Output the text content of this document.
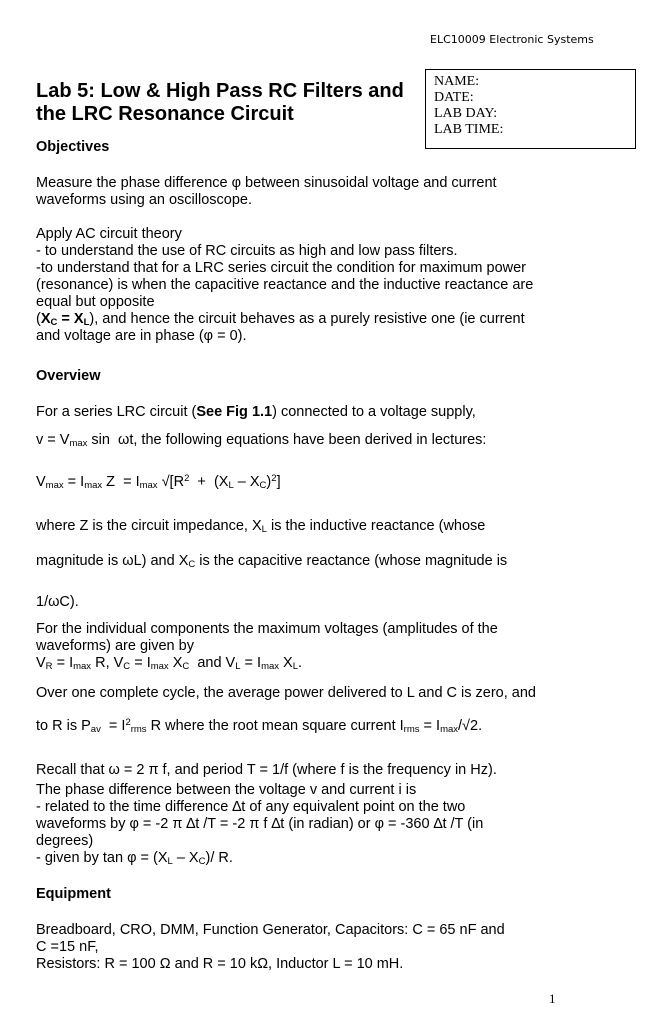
ELC10009 Electronic Systems
Lab 5: Low & High Pass RC Filters and
the LRC Resonance Circuit
NAME:
DATE:
LAB DAY:
LAB TIME:
Objectives
Measure the phase difference φ between sinusoidal voltage and current
waveforms using an oscilloscope.
Apply AC circuit theory
- to understand the use of RC circuits as high and low pass filters.
-to understand that for a LRC series circuit the condition for maximum power
(resonance) is when the capacitive reactance and the inductive reactance are
equal but opposite
$(X_C = X_L)$, and hence the circuit behaves as a purely resistive one (ie current
and voltage are in phase (φ = 0).
Overview
For a series LRC circuit (See Fig 1.1) connected to a voltage supply,
$v = V_{max}$ sin  ωt, the following equations have been derived in lectures:
$V_{max} = I_{max}$ $Z = I_{max}$ $√[R^2 + (X_L - X_C)^2]$
where Z is the circuit impedance, $X_L$ is the inductive reactance (whose
magnitude is ωL) and $X_C$ is the capacitive reactance (whose magnitude is
1/ωC).
For the individual components the maximum voltages (amplitudes of the
waveforms) are given by
$V_R = I_{max}$ R, $V_C = I_{max}$ $X_C$  and $V_L = I_{max}$ $X_L$.
Over one complete cycle, the average power delivered to L and C is zero, and
to R is $P_{av} = I^2_{rms}$ R where the root mean square current $I_{rms} = I_{max}/√2$.
Recall that ω = 2 π f, and period T = 1/f (where f is the frequency in Hz).
The phase difference between the voltage v and current i is
- related to the time difference ∆t of any equivalent point on the two
waveforms by φ = -2 π ∆t /T = -2 π f ∆t (in radian) or φ = -360 ∆t /T (in
degrees)
- given by $\tan \varphi = (X_L - X_C)/$ R.
Equipment
Breadboard, CRO, DMM, Function Generator, Capacitors: C = 65 nF and
C =15 nF,
Resistors: R = 100 Ω and R = 10 kΩ, Inductor L = 10 mH.
1
